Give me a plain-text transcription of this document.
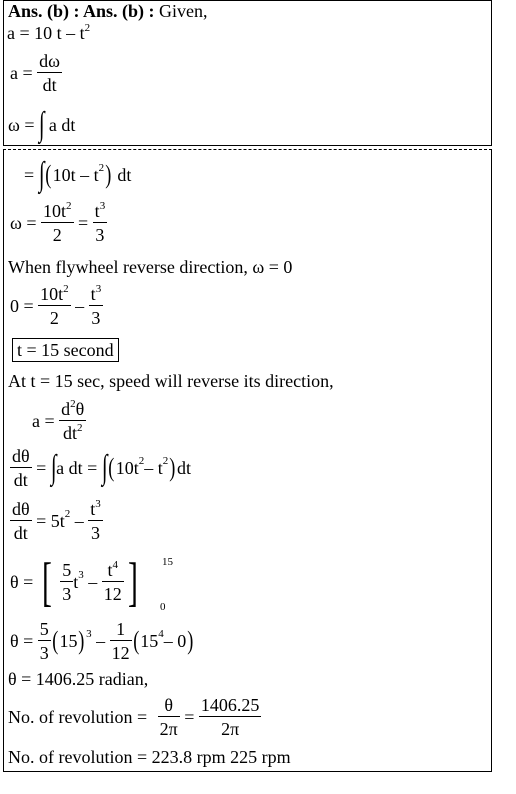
Ans. (b) : Ans. (b) : Given,
a = 10 t – $t^2$
$a = \frac{d\omega}{dt}$
ω = ∫ a dt
= $\int(10t - t^2)$ dt
$\omega = \frac{10t^2}{2} = \frac{t^3}{3}$
When flywheel reverse direction, ω = 0
$0 = \frac{10t^2}{2} - \frac{t^3}{3}$
t = 15 second
At t = 15 sec, speed will reverse its direction,
$a = \frac{d^2\theta}{dt^2}$
$\frac{d\theta}{dt} = \int a$ dt = $\int(10t^2-$ $t^2)dt$
$\frac{d\theta}{dt} = 5t^2 - \frac{t^3}{3}$
θ = [ $\frac{5}{3} t^3 - \frac{t^4}{12}$ ] 15
0
$\theta = \frac{5}{3} (15)^3 - \frac{1}{12} (15^4-$ 0)
θ = 1406.25 radian,
No. of revolution = $\frac{\theta}{2\pi} = \frac{1406.25}{2\pi}$
No. of revolution = 223.8 rpm 225 rpm
